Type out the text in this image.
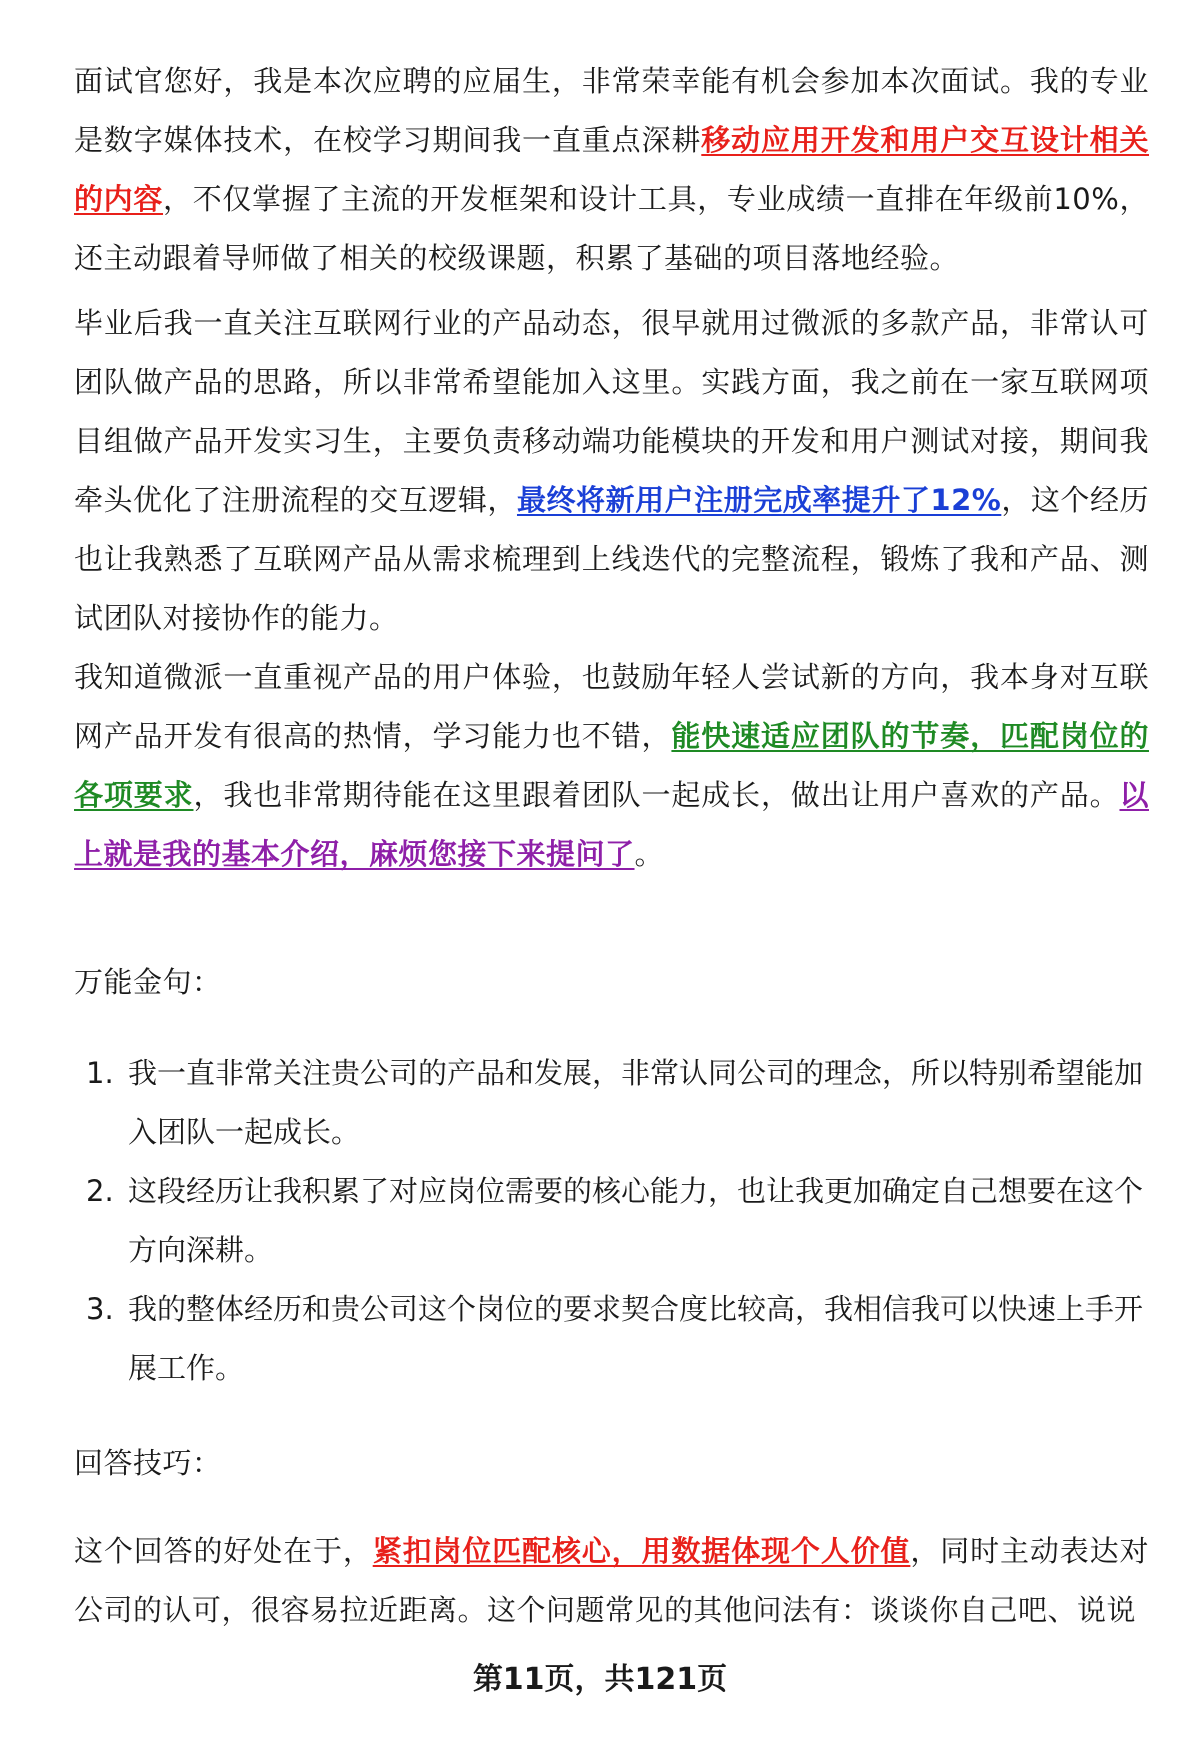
面试官您好，我是本次应聘的应届生，非常荣幸能有机会参加本次面试。我的专业是数字媒体技术，在校学习期间我一直重点深耕移动应用开发和用户交互设计相关的内容，不仅掌握了主流的开发框架和设计工具，专业成绩一直排在年级前10%，还主动跟着导师做了相关的校级课题，积累了基础的项目落地经验。
毕业后我一直关注互联网行业的产品动态，很早就用过微派的多款产品，非常认可团队做产品的思路，所以非常希望能加入这里。实践方面，我之前在一家互联网项目组做产品开发实习生，主要负责移动端功能模块的开发和用户测试对接，期间我牵头优化了注册流程的交互逻辑，最终将新用户注册完成率提升了12%，这个经历也让我熟悉了互联网产品从需求梳理到上线迭代的完整流程，锻炼了我和产品、测试团队对接协作的能力。
我知道微派一直重视产品的用户体验，也鼓励年轻人尝试新的方向，我本身对互联网产品开发有很高的热情，学习能力也不错，能快速适应团队的节奏，匹配岗位的各项要求，我也非常期待能在这里跟着团队一起成长，做出让用户喜欢的产品。以上就是我的基本介绍，麻烦您接下来提问了。
万能金句：
1. 我一直非常关注贵公司的产品和发展，非常认同公司的理念，所以特别希望能加入团队一起成长。
2. 这段经历让我积累了对应岗位需要的核心能力，也让我更加确定自己想要在这个方向深耕。
3. 我的整体经历和贵公司这个岗位的要求契合度比较高，我相信我可以快速上手开展工作。
回答技巧：
这个回答的好处在于，紧扣岗位匹配核心，用数据体现个人价值，同时主动表达对公司的认可，很容易拉近距离。这个问题常见的其他问法有：谈谈你自己吧、说说
第11页，共121页
